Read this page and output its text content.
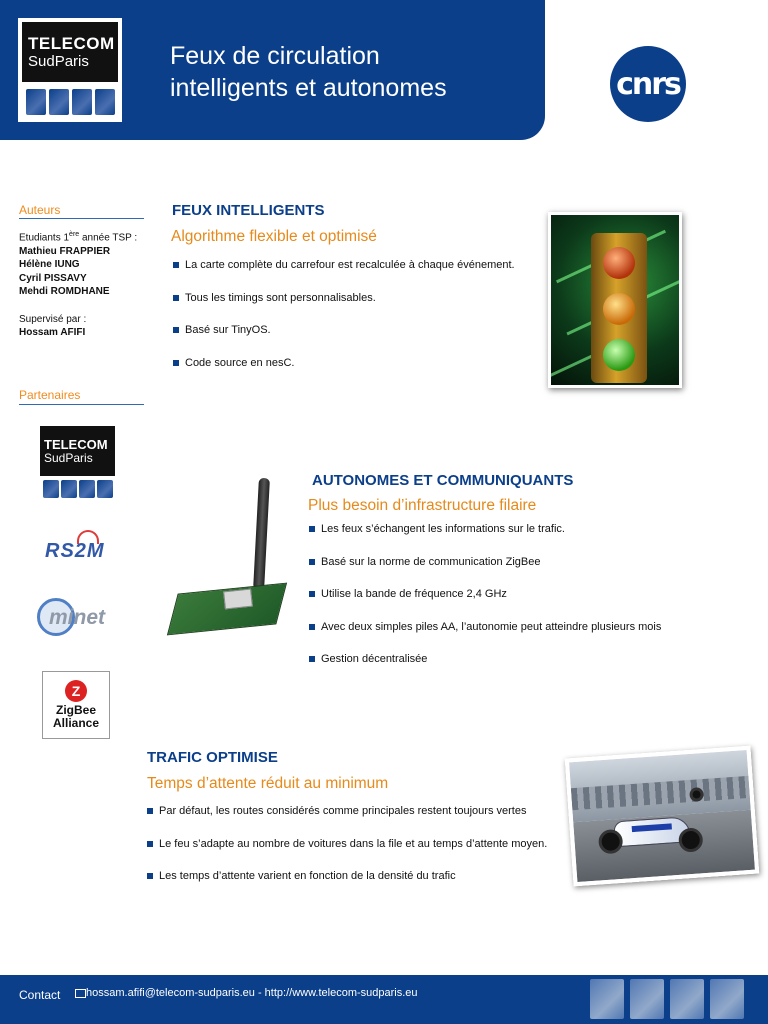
TELECOM
SudParis	Feux de circulation
intelligents et autonomes	cnrs
Auteurs
Etudiants 1ère année TSP :
Mathieu FRAPPIER
Hélène IUNG
Cyril PISSAVY
Mehdi ROMDHANE
Supervisé par :
Hossam AFIFI
Partenaires
TELECOM
SudParis
RS2M
minet
Z
ZigBee
Alliance
FEUX INTELLIGENTS
Algorithme flexible et optimisé
La carte complète du carrefour est recalculée à chaque événement.
Tous les timings sont personnalisables.
Basé sur TinyOS.
Code source en nesC.
AUTONOMES ET COMMUNIQUANTS
Plus besoin d’infrastructure filaire
Les feux s’échangent les informations sur le trafic.
Basé sur la norme de communication ZigBee
Utilise la bande de fréquence 2,4 GHz
Avec deux simples piles AA, l’autonomie peut atteindre plusieurs mois
Gestion décentralisée
TRAFIC OPTIMISE
Temps d’attente réduit au minimum
Par défaut, les routes considérés comme principales restent toujours vertes
Le feu s’adapte au nombre de voitures dans la file et au temps d’attente moyen.
Les temps d’attente varient en fonction de la densité du trafic
Contact hossam.afifi@telecom-sudparis.eu - http://www.telecom-sudparis.eu
